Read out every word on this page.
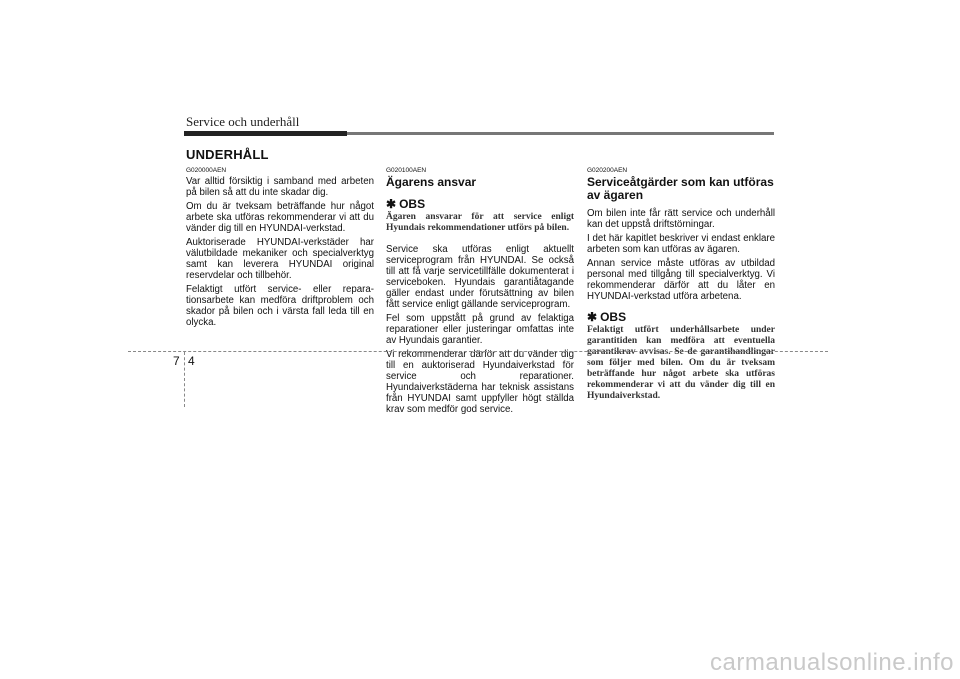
Service och underhåll
UNDERHÅLL
G020000AEN

Var alltid försiktig i samband med arbeten på bilen så att du inte skadar dig.

Om du är tveksam beträffande hur något arbete ska utföras rekommenderar vi att du vänder dig till en HYUNDAI-verkstad.

Auktoriserade HYUNDAI-verkstäder har välutbildade mekaniker och specialverktyg samt kan leverera HYUNDAI original reservdelar och tillbehör.

Felaktigt utfört service- eller repara-tionsarbete kan medföra driftproblem och skador på bilen och i värsta fall leda till en olycka.

G020100AEN
Ägarens ansvar
✱ OBS
Ägaren ansvarar för att service enligt Hyundais rekommendationer utförs på bilen.

Service ska utföras enligt aktuellt serviceprogram från HYUNDAI. Se också till att få varje servicetillfälle dokumenterat i serviceboken. Hyundais garantiåtagande gäller endast under förutsättning av bilen fått service enligt gällande serviceprogram.

Fel som uppstått på grund av felaktiga reparationer eller justeringar omfattas inte av Hyundais garantier.

Vi rekommenderar därför att du vänder dig till en auktoriserad Hyundaiverkstad för service och reparationer. Hyundaiverkstäderna har teknisk assistans från HYUNDAI samt uppfyller högt ställda krav som medför god service.

G020200AEN
Serviceåtgärder som kan utföras av ägaren

Om bilen inte får rätt service och underhåll kan det uppstå driftstörningar.

I det här kapitlet beskriver vi endast enklare arbeten som kan utföras av ägaren.

Annan service måste utföras av utbildad personal med tillgång till specialverktyg. Vi rekommenderar därför att du låter en HYUNDAI-verkstad utföra arbetena.

✱ OBS
Felaktigt utfört underhållsarbete under garantitiden kan medföra att eventuella garantikrav avvisas. Se de garantihandlingar som följer med bilen. Om du är tveksam beträffande hur något arbete ska utföras rekommenderar vi att du vänder dig till en Hyundaiverkstad.
7 4
carmanualsonline.info
